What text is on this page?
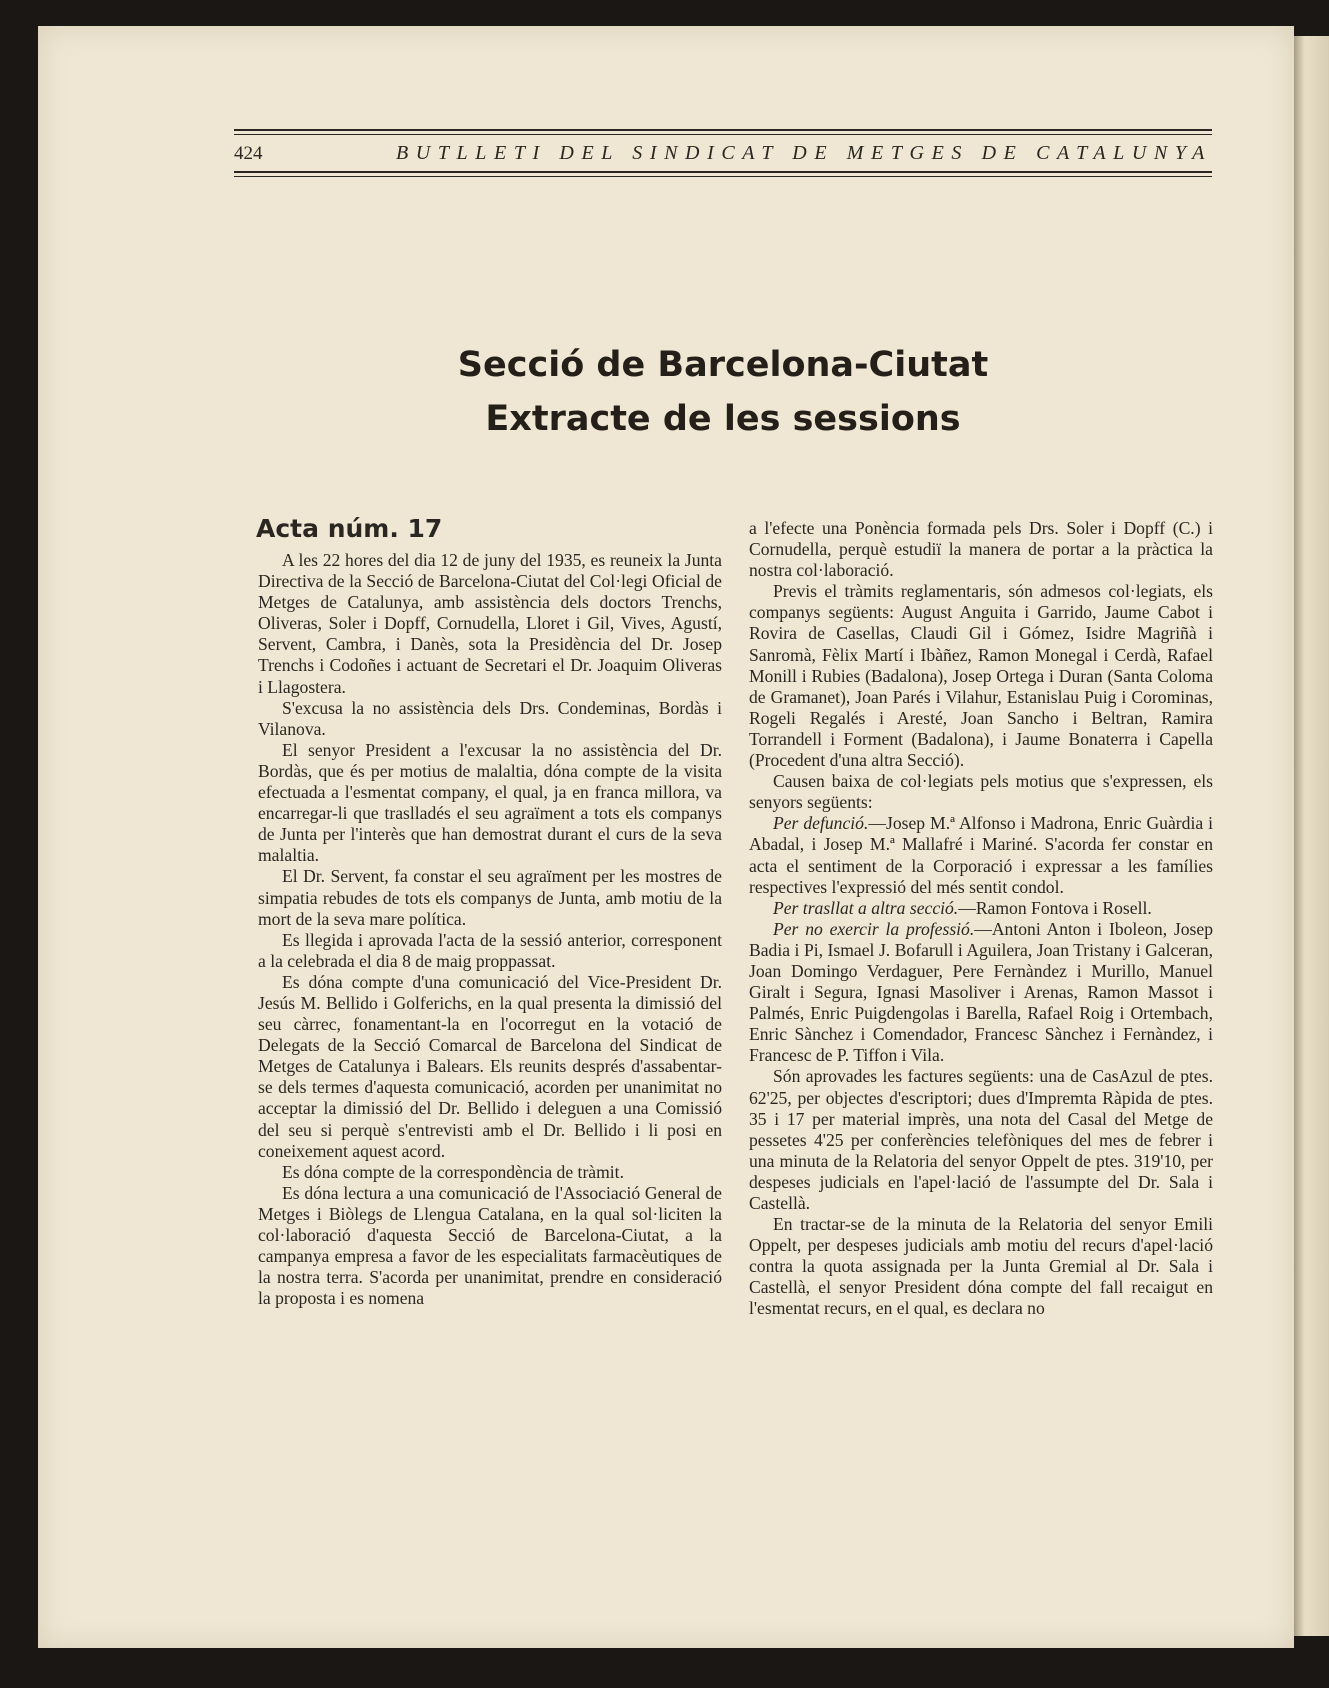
424	BUTLLETI DEL SINDICAT DE METGES DE CATALUNYA
Secció de Barcelona-Ciutat
Extracte de les sessions
Acta núm. 17

A les 22 hores del dia 12 de juny del 1935, es reuneix la Junta Directiva de la Secció de Barcelona-Ciutat del Col·legi Oficial de Metges de Catalunya, amb assistència dels doctors Trenchs, Oliveras, Soler i Dopff, Cornudella, Lloret i Gil, Vives, Agustí, Servent, Cambra, i Danès, sota la Presidència del Dr. Josep Trenchs i Codoñes i actuant de Secretari el Dr. Joaquim Oliveras i Llagostera.

S'excusa la no assistència dels Drs. Condeminas, Bordàs i Vilanova.

El senyor President a l'excusar la no assistència del Dr. Bordàs, que és per motius de malaltia, dóna compte de la visita efectuada a l'esmentat company, el qual, ja en franca millora, va encarregar-li que traslladés el seu agraïment a tots els companys de Junta per l'interès que han demostrat durant el curs de la seva malaltia.

El Dr. Servent, fa constar el seu agraïment per les mostres de simpatia rebudes de tots els companys de Junta, amb motiu de la mort de la seva mare política.

Es llegida i aprovada l'acta de la sessió anterior, corresponent a la celebrada el dia 8 de maig proppassat.

Es dóna compte d'una comunicació del Vice-President Dr. Jesús M. Bellido i Golferichs, en la qual presenta la dimissió del seu càrrec, fonamentant-la en l'ocorregut en la votació de Delegats de la Secció Comarcal de Barcelona del Sindicat de Metges de Catalunya i Balears. Els reunits després d'assabentar-se dels termes d'aquesta comunicació, acorden per unanimitat no acceptar la dimissió del Dr. Bellido i deleguen a una Comissió del seu si perquè s'entrevisti amb el Dr. Bellido i li posi en coneixement aquest acord.

Es dóna compte de la correspondència de tràmit.

Es dóna lectura a una comunicació de l'Associació General de Metges i Biòlegs de Llengua Catalana, en la qual sol·liciten la col·laboració d'aquesta Secció de Barcelona-Ciutat, a la campanya empresa a favor de les especialitats farmacèutiques de la nostra terra. S'acorda per unanimitat, prendre en consideració la proposta i es nomena

a l'efecte una Ponència formada pels Drs. Soler i Dopff (C.) i Cornudella, perquè estudiï la manera de portar a la pràctica la nostra col·laboració.

Previs el tràmits reglamentaris, són admesos col·legiats, els companys següents: August Anguita i Garrido, Jaume Cabot i Rovira de Casellas, Claudi Gil i Gómez, Isidre Magriñà i Sanromà, Fèlix Martí i Ibàñez, Ramon Monegal i Cerdà, Rafael Monill i Rubies (Badalona), Josep Ortega i Duran (Santa Coloma de Gramanet), Joan Parés i Vilahur, Estanislau Puig i Corominas, Rogeli Regalés i Aresté, Joan Sancho i Beltran, Ramira Torrandell i Forment (Badalona), i Jaume Bonaterra i Capella (Procedent d'una altra Secció).

Causen baixa de col·legiats pels motius que s'expressen, els senyors següents:

Per defunció.—Josep M.ª Alfonso i Madrona, Enric Guàrdia i Abadal, i Josep M.ª Mallafré i Mariné. S'acorda fer constar en acta el sentiment de la Corporació i expressar a les famílies respectives l'expressió del més sentit condol.

Per trasllat a altra secció.—Ramon Fontova i Rosell.

Per no exercir la professió.—Antoni Anton i Iboleon, Josep Badia i Pi, Ismael J. Bofarull i Aguilera, Joan Tristany i Galceran, Joan Domingo Verdaguer, Pere Fernàndez i Murillo, Manuel Giralt i Segura, Ignasi Masoliver i Arenas, Ramon Massot i Palmés, Enric Puigdengolas i Barella, Rafael Roig i Ortembach, Enric Sànchez i Comendador, Francesc Sànchez i Fernàndez, i Francesc de P. Tiffon i Vila.

Són aprovades les factures següents: una de CasAzul de ptes. 62'25, per objectes d'escriptori; dues d'Impremta Ràpida de ptes. 35 i 17 per material imprès, una nota del Casal del Metge de pessetes 4'25 per conferències telefòniques del mes de febrer i una minuta de la Relatoria del senyor Oppelt de ptes. 319'10, per despeses judicials en l'apel·lació de l'assumpte del Dr. Sala i Castellà.

En tractar-se de la minuta de la Relatoria del senyor Emili Oppelt, per despeses judicials amb motiu del recurs d'apel·lació contra la quota assignada per la Junta Gremial al Dr. Sala i Castellà, el senyor President dóna compte del fall recaigut en l'esmentat recurs, en el qual, es declara no
